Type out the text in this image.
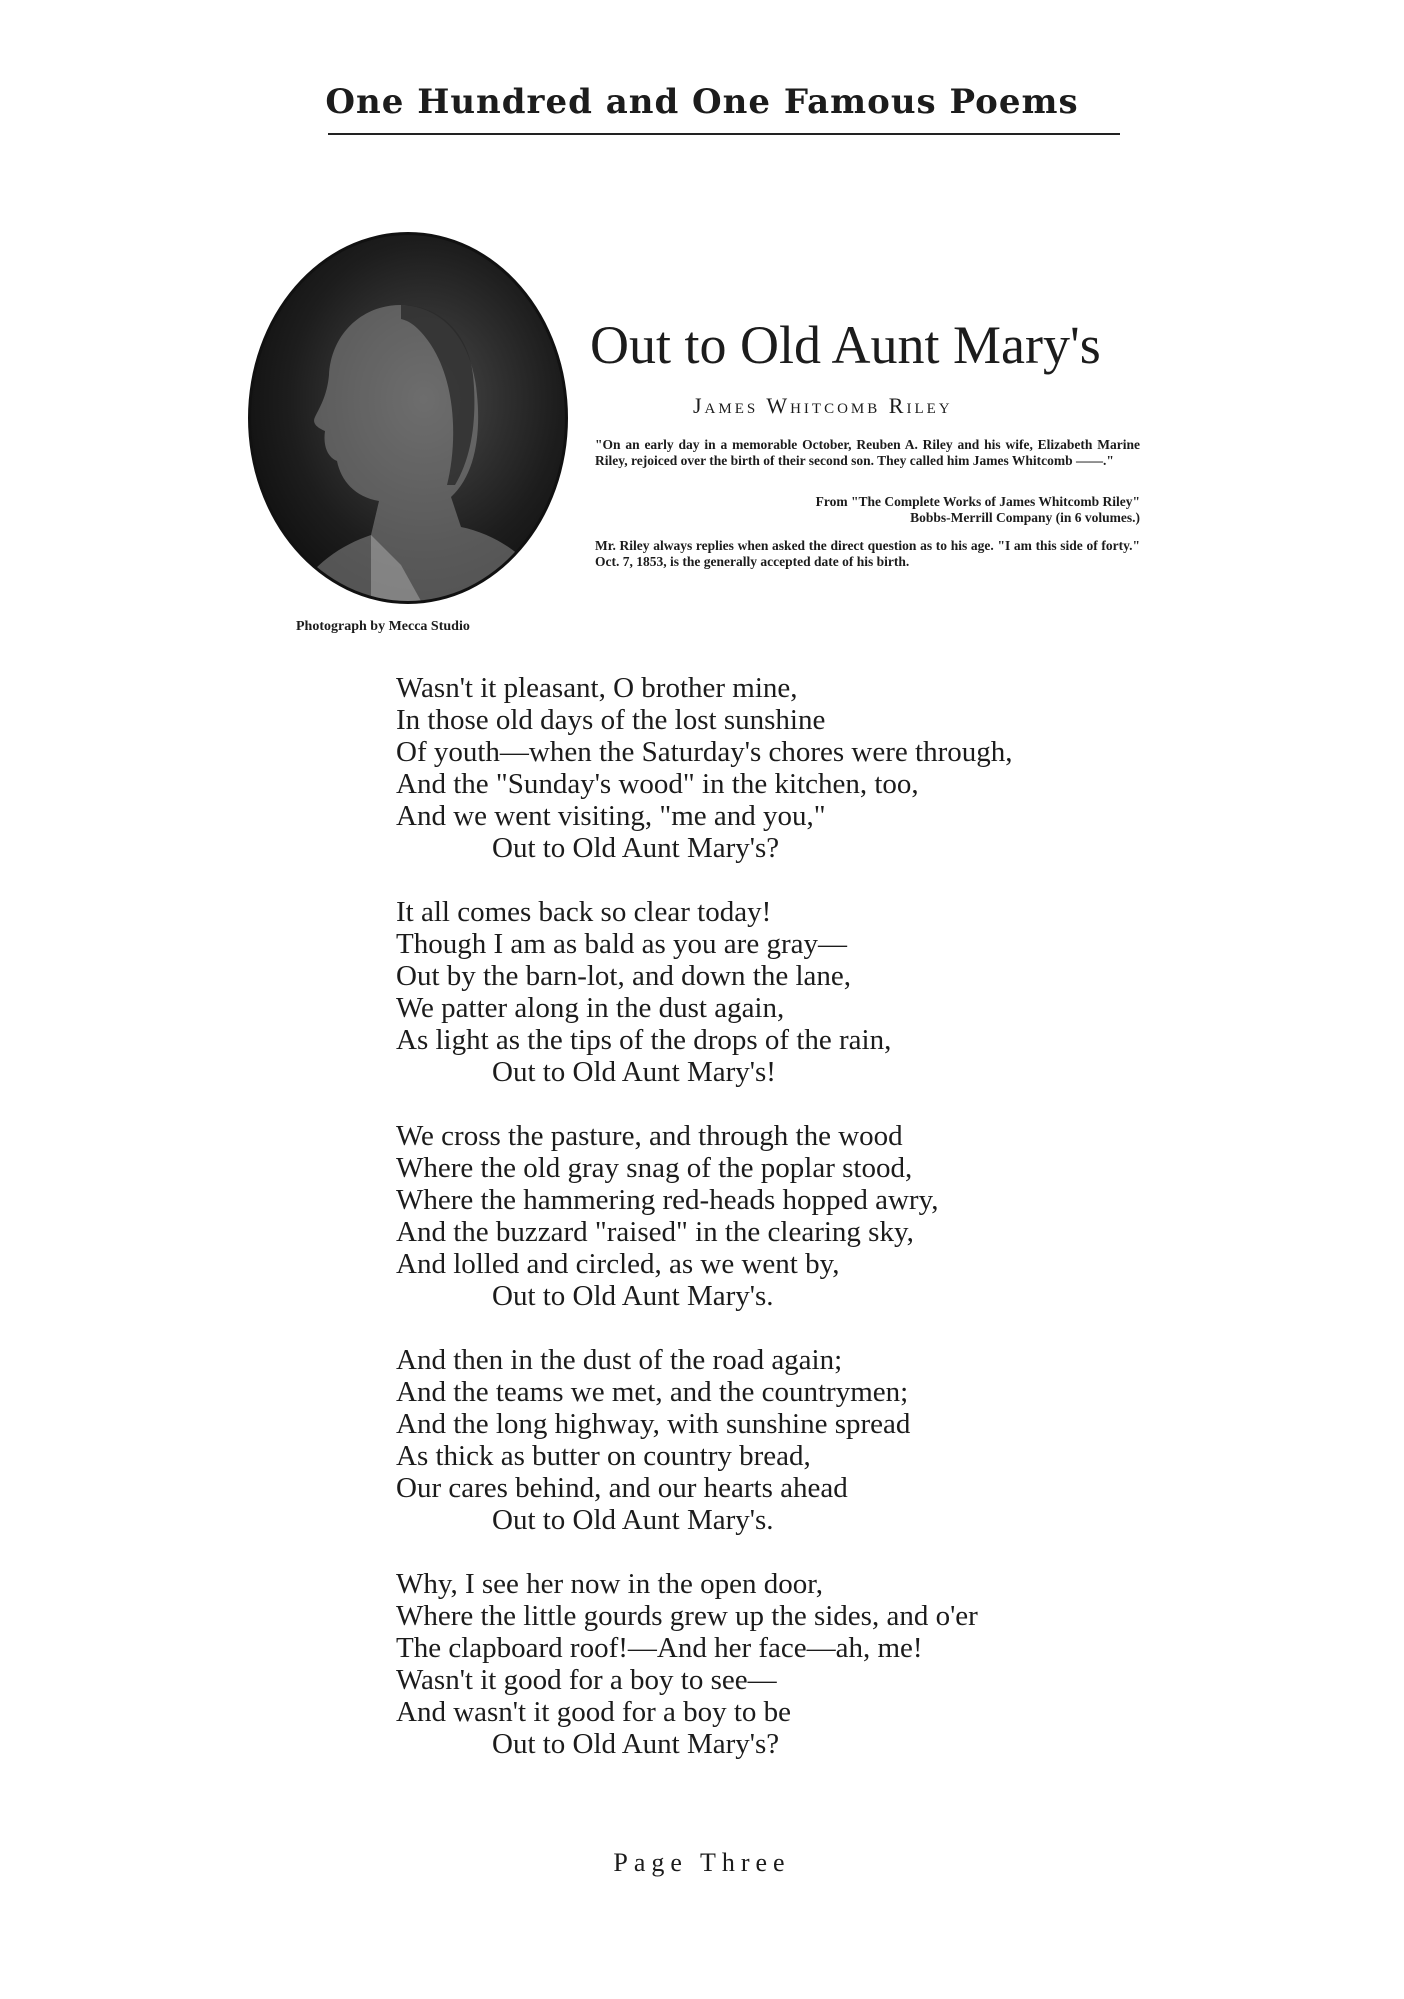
One Hundred and One Famous Poems
Photograph by Mecca Studio
Out to Old Aunt Mary's
James Whitcomb Riley
"On an early day in a memorable October, Reuben A. Riley and his wife, Elizabeth Marine Riley, rejoiced over the birth of their second son. They called him James Whitcomb ——."
From "The Complete Works of James Whitcomb Riley"
Bobbs-Merrill Company (in 6 volumes.)
Mr. Riley always replies when asked the direct question as to his age. "I am this side of forty." Oct. 7, 1853, is the generally accepted date of his birth.
Wasn't it pleasant, O brother mine,
In those old days of the lost sunshine
Of youth—when the Saturday's chores were through,
And the "Sunday's wood" in the kitchen, too,
And we went visiting, "me and you,"
Out to Old Aunt Mary's?
It all comes back so clear today!
Though I am as bald as you are gray—
Out by the barn-lot, and down the lane,
We patter along in the dust again,
As light as the tips of the drops of the rain,
Out to Old Aunt Mary's!
We cross the pasture, and through the wood
Where the old gray snag of the poplar stood,
Where the hammering red-heads hopped awry,
And the buzzard "raised" in the clearing sky,
And lolled and circled, as we went by,
Out to Old Aunt Mary's.
And then in the dust of the road again;
And the teams we met, and the countrymen;
And the long highway, with sunshine spread
As thick as butter on country bread,
Our cares behind, and our hearts ahead
Out to Old Aunt Mary's.
Why, I see her now in the open door,
Where the little gourds grew up the sides, and o'er
The clapboard roof!—And her face—ah, me!
Wasn't it good for a boy to see—
And wasn't it good for a boy to be
Out to Old Aunt Mary's?
Page Three
